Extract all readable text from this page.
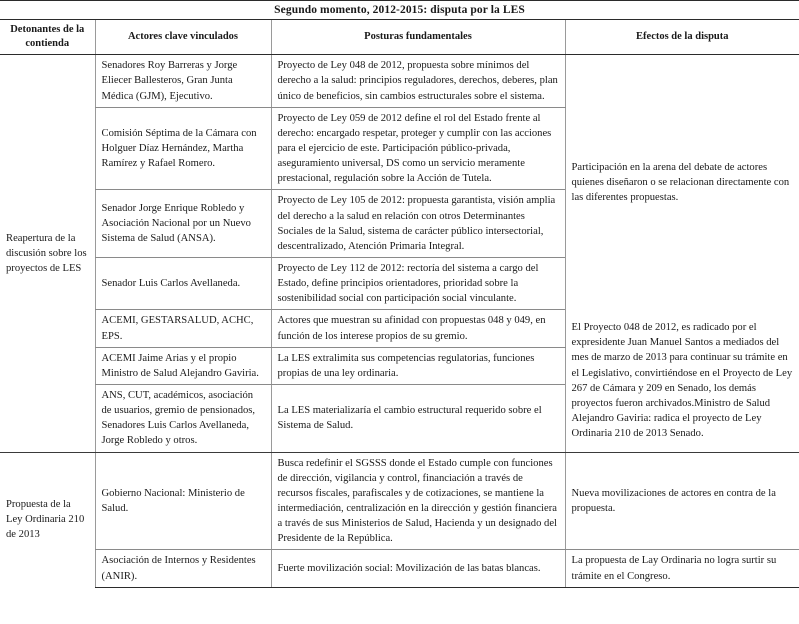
Segundo momento, 2012-2015: disputa por la LES			
Detonantes de la contienda	Actores clave vinculados	Posturas fundamentales	Efectos de la disputa
Reapertura de la discusión sobre los proyectos de LES	Senadores Roy Barreras y Jorge Eliecer Ballesteros, Gran Junta Médica (GJM), Ejecutivo.	Proyecto de Ley 048 de 2012, propuesta sobre mínimos del derecho a la salud: principios reguladores, derechos, deberes, plan único de beneficios, sin cambios estructurales sobre el sistema.	Participación en la arena del debate de actores quienes diseñaron o se relacionan directamente con las diferentes propuestas.
	Comisión Séptima de la Cámara con Holguer Díaz Hernández, Martha Ramírez y Rafael Romero.	Proyecto de Ley 059 de 2012 define el rol del Estado frente al derecho: encargado respetar, proteger y cumplir con las acciones para el ejercicio de este. Participación público-privada, aseguramiento universal, DS como un servicio meramente prestacional, regulación sobre la Acción de Tutela.	
	Senador Jorge Enrique Robledo y Asociación Nacional por un Nuevo Sistema de Salud (ANSA).	Proyecto de Ley 105 de 2012: propuesta garantista, visión amplia del derecho a la salud en relación con otros Determinantes Sociales de la Salud, sistema de carácter público intersectorial, descentralizado, Atención Primaria Integral.	
	Senador Luis Carlos Avellaneda.	Proyecto de Ley 112 de 2012: rectoría del sistema a cargo del Estado, define principios orientadores, prioridad sobre la sostenibilidad social con participación social vinculante.	
	ACEMI, GESTARSALUD, ACHC, EPS.	Actores que muestran su afinidad con propuestas 048 y 049, en función de los interese propios de su gremio.	El Proyecto 048 de 2012, es radicado por el expresidente Juan Manuel Santos a mediados del mes de marzo de 2013 para continuar su trámite en el Legislativo, convirtiéndose en el Proyecto de Ley 267 de Cámara y 209 en Senado, los demás proyectos fueron archivados.Ministro de Salud Alejandro Gaviria: radica el proyecto de Ley Ordinaria 210 de 2013 Senado.
	ACEMI Jaime Arias y el propio Ministro de Salud Alejandro Gaviria.	La LES extralimita sus competencias regulatorias, funciones propias de una ley ordinaria.	
	ANS, CUT, académicos, asociación de usuarios, gremio de pensionados, Senadores Luis Carlos Avellaneda, Jorge Robledo y otros.	La LES materializaría el cambio estructural requerido sobre el Sistema de Salud.	
Propuesta de la Ley Ordinaria 210 de 2013	Gobierno Nacional: Ministerio de Salud.	Busca redefinir el SGSSS donde el Estado cumple con funciones de dirección, vigilancia y control, financiación a través de recursos fiscales, parafiscales y de cotizaciones, se mantiene la intermediación, centralización en la dirección y gestión financiera a través de sus Ministerios de Salud, Hacienda y un designado del Presidente de la República.	Nueva movilizaciones de actores en contra de la propuesta.
	Asociación de Internos y Residentes (ANIR).	Fuerte movilización social: Movilización de las batas blancas.	La propuesta de Lay Ordinaria no logra surtir su trámite en el Congreso.
